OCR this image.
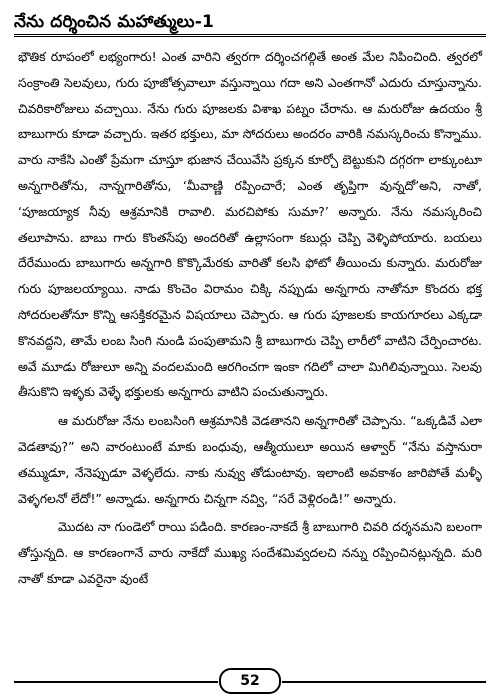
నేను దర్శించిన మహాత్ములు-1

భౌతిక రూపంలో లభ్యంగారు! ఎంత వారిని త్వరగా దర్శించగల్గితే అంత మేల నిపించింది. త్వరలో సంక్రాంతి సెలవులు, గురు పూజోత్సవాలూ వస్తున్నాయి గదా అని ఎంతగానో ఎదురు చూస్తున్నాను. చివరికారోజులు వచ్చాయి. నేను గురు పూజలకు విశాఖ పట్నం చేరాను. ఆ మరురోజు ఉదయం శ్రీ బాబుగారు కూడా వచ్చారు. ఇతర భక్తులు, మా సోదరులు అందరం వారికి నమస్కరించు కొన్నాము. వారు నాకేసి ఎంతో ప్రేమగా చూస్తూ భుజాన చేయివేసి ప్రక్కన కూర్చో బెట్టుకుని దగ్గరగా లాక్కుంటూ అన్నగారితోను, నాన్నగారితోను, ‘మీవాణ్ణి రప్పించారే; ఎంత తృప్తిగా వున్నదో’అని, నాతో, ‘పూజయ్యాక నీవు ఆశ్రమానికి రావాలి. మరచిపోకు సుమా?’ అన్నారు. నేను నమస్కరించి తలూపాను. బాబు గారు కొంతసేపు అందరితో ఉల్లాసంగా కబుర్లు చెప్పి వెళ్ళిపోయారు. బయలు దేరేముందు బాబుగారు అన్నగారి కొక్కొమేరకు వారితో కలసి ఫోటో తీయించు కున్నారు. మరురోజు గురు పూజలయ్యాయి. నాడు కొంచెం విరామం చిక్కి నప్పుడు అన్నగారు నాతోనూ కొందరు భక్త సోదరులతోనూ కొన్ని ఆసక్తికరమైన విషయాలు చెప్పారు. ఆ గురు పూజలకు కాయగూరలు ఎక్కడా కొనవద్దని, తామే లంబ సింగి నుండి పంపుతామని శ్రీ బాబుగారు చెప్పి లారీలో వాటిని చేర్పించారట. అవే మూడు రోజులూ అన్ని వందలమంది ఆరగించగా ఇంకా గదిలో చాలా మిగిలివున్నాయి. సెలవు తీసుకొని ఇళ్ళకు వెళ్ళే భక్తులకు అన్నగారు వాటిని పంచుతున్నారు.

ఆ మరురోజు నేను లంబసింగి ఆశ్రమానికి వెడతానని అన్నగారితో చెప్పాను. “ఒక్కడివే ఎలా వెడతావు?” అని వారంటుంటే మాకు బంధువు, ఆత్మీయులూ అయిన ఆళ్వార్ “నేను వస్తానురా తమ్ముడూ, నేనెప్పుడూ వెళ్ళలేదు. నాకు నువ్వు తోడుంటావు. ఇలాంటి అవకాశం జారిపోతే మళ్ళీ వెళ్ళగలనో లేదో!” అన్నాడు. అన్నగారు చిన్నగా నవ్వి, “సరే వెళ్లిరండి!” అన్నారు.

మొదట నా గుండెలో రాయి పడింది. కారణం-నాకదే శ్రీ బాబుగారి చివరి దర్శనమని బలంగా తోస్తున్నది. ఆ కారణంగానే వారు నాకేదో ముఖ్య సందేశమివ్వదలచి నన్ను రప్పించినట్లున్నది. మరి నాతో కూడా ఎవరైనా వుంటే

52
